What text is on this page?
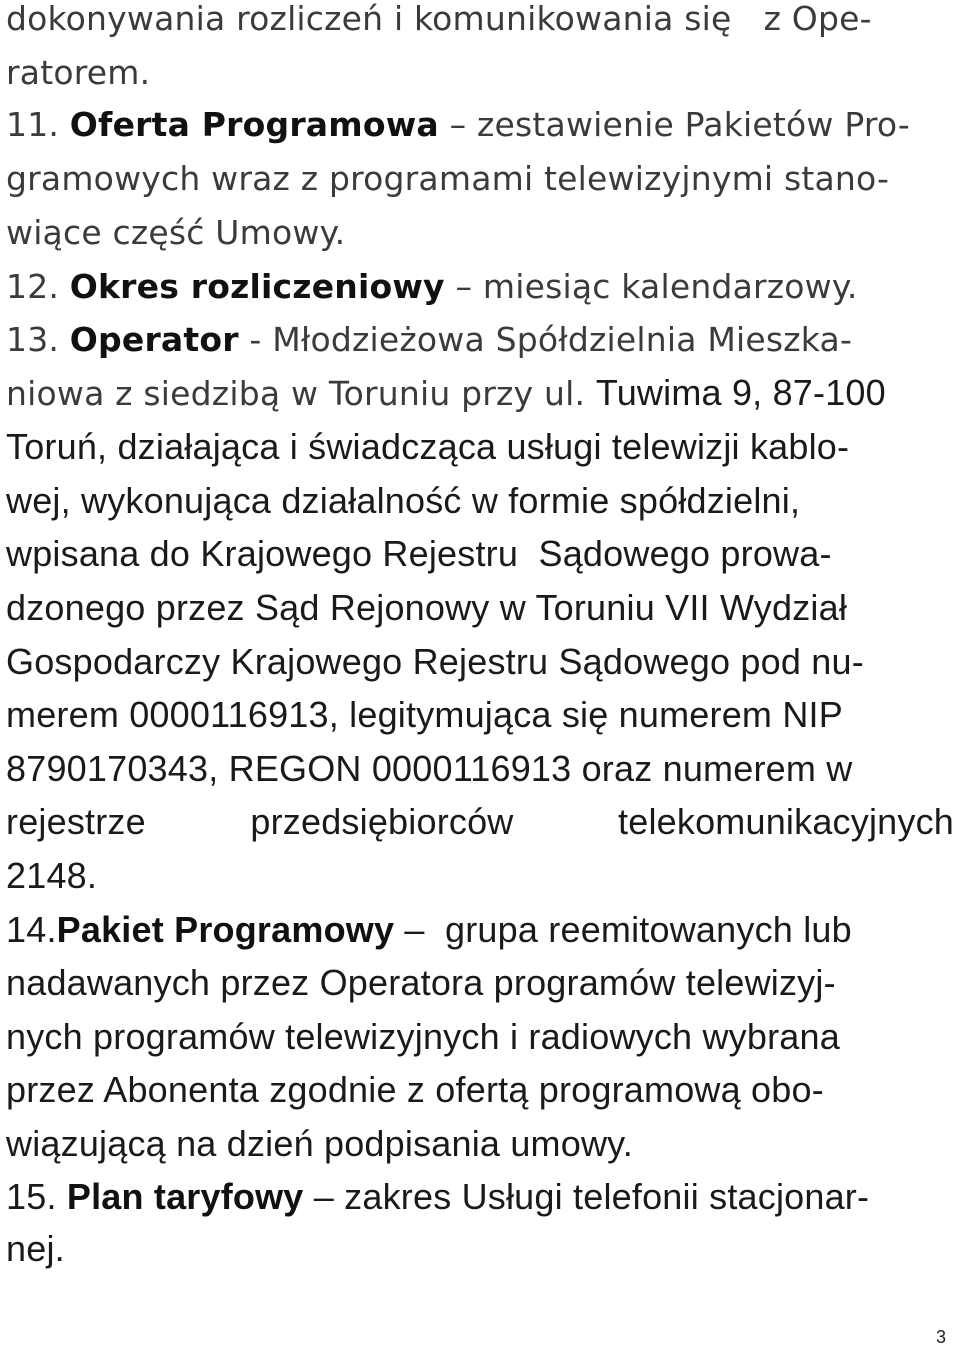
dokonywania rozliczeń i komunikowania się   z Ope-
ratorem.
11. Oferta Programowa – zestawienie Pakietów Pro-
gramowych wraz z programami telewizyjnymi stano-
wiące część Umowy.
12. Okres rozliczeniowy – miesiąc kalendarzowy.
13. Operator - Młodzieżowa Spółdzielnia Mieszka-
niowa z siedzibą w Toruniu przy ul. Tuwima 9, 87-100
Toruń, działająca i świadcząca usługi telewizji kablo-
wej, wykonująca działalność w formie spółdzielni,
wpisana do Krajowego Rejestru  Sądowego prowa-
dzonego przez Sąd Rejonowy w Toruniu VII Wydział
Gospodarczy Krajowego Rejestru Sądowego pod nu-
merem 0000116913, legitymująca się numerem NIP
8790170343, REGON 0000116913 oraz numerem w
rejestrze	przedsiębiorców	telekomunikacyjnych
2148.
14.Pakiet Programowy –  grupa reemitowanych lub
nadawanych przez Operatora programów telewizyj-
nych programów telewizyjnych i radiowych wybrana
przez Abonenta zgodnie z ofertą programową obo-
wiązującą na dzień podpisania umowy.
15. Plan taryfowy – zakres Usługi telefonii stacjonar-
nej.
3
